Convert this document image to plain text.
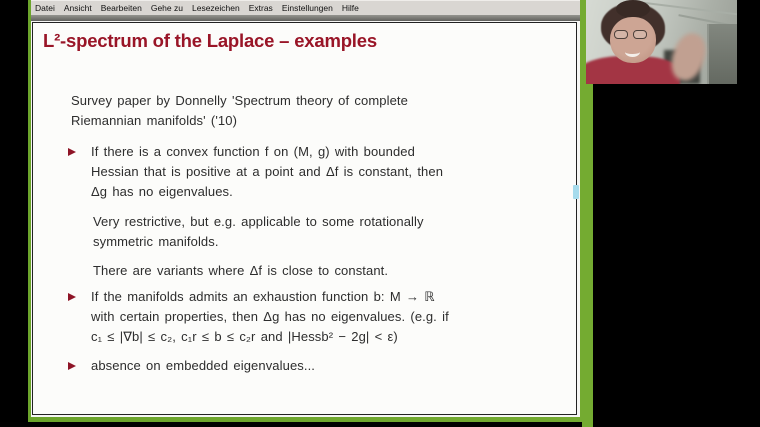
Datei Ansicht Bearbeiten Gehe zu Lesezeichen Extras Einstellungen Hilfe
L²-spectrum of the Laplace – examples
Survey paper by Donnelly 'Spectrum theory of complete
Riemannian manifolds' ('10)
If there is a convex function f on (M, g) with bounded
Hessian that is positive at a point and Δf is constant, then
Δg has no eigenvalues.
Very restrictive, but e.g. applicable to some rotationally
symmetric manifolds.
There are variants where Δf is close to constant.
If the manifolds admits an exhaustion function b: M → ℝ
with certain properties, then Δg has no eigenvalues. (e.g. if
c₁ ≤ |∇b| ≤ c₂, c₁r ≤ b ≤ c₂r and |Hessb² − 2g| < ε)
absence on embedded eigenvalues...
